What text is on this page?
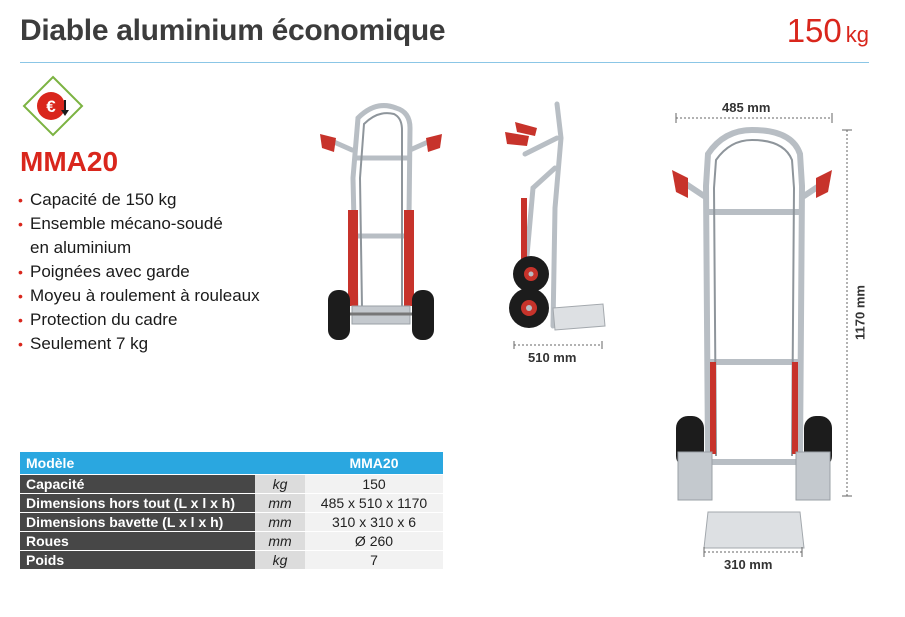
Diable aluminium économique	150 kg
€
MMA20
• Capacité de 150 kg
• Ensemble mécano-soudé
en aluminium
• Poignées avec garde
• Moyeu à roulement à rouleaux
• Protection du cadre
• Seulement 7 kg
510 mm
485 mm
1170 mm
310 mm
Modèle		MMA20
Capacité	kg	150
Dimensions hors tout (L x l x h)	mm	485 x 510 x 1170
Dimensions bavette (L x l x h)	mm	310 x 310 x 6
Roues	mm	Ø 260
Poids	kg	7
